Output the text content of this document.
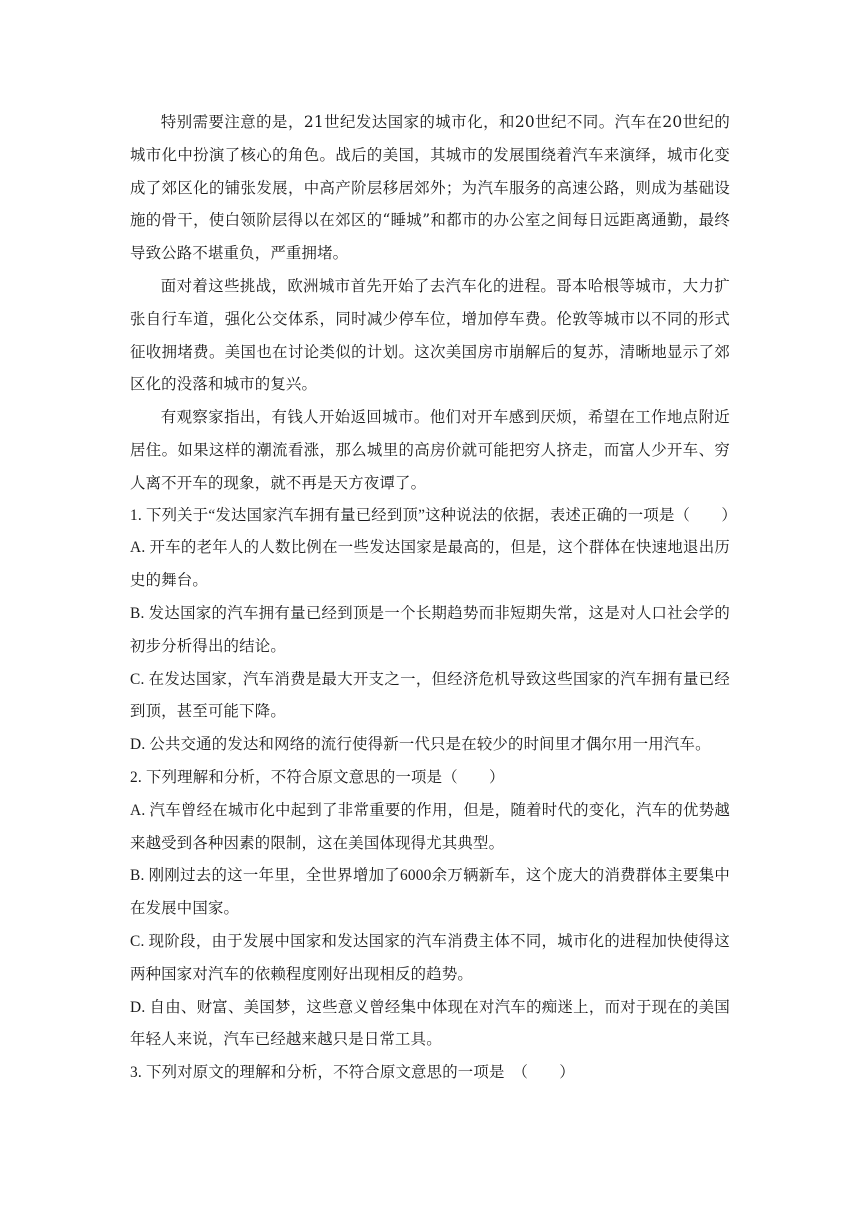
特别需要注意的是，21世纪发达国家的城市化，和20世纪不同。汽车在20世纪的城市化中扮演了核心的角色。战后的美国，其城市的发展围绕着汽车来演绎，城市化变成了郊区化的铺张发展，中高产阶层移居郊外；为汽车服务的高速公路，则成为基础设施的骨干，使白领阶层得以在郊区的“睡城”和都市的办公室之间每日远距离通勤，最终导致公路不堪重负，严重拥堵。

面对着这些挑战，欧洲城市首先开始了去汽车化的进程。哥本哈根等城市，大力扩张自行车道，强化公交体系，同时减少停车位，增加停车费。伦敦等城市以不同的形式征收拥堵费。美国也在讨论类似的计划。这次美国房市崩解后的复苏，清晰地显示了郊区化的没落和城市的复兴。

有观察家指出，有钱人开始返回城市。他们对开车感到厌烦，希望在工作地点附近居住。如果这样的潮流看涨，那么城里的高房价就可能把穷人挤走，而富人少开车、穷人离不开车的现象，就不再是天方夜谭了。

1. 下列关于“发达国家汽车拥有量已经到顶”这种说法的依据，表述正确的一项是（　　）

A. 开车的老年人的人数比例在一些发达国家是最高的，但是，这个群体在快速地退出历史的舞台。

B. 发达国家的汽车拥有量已经到顶是一个长期趋势而非短期失常，这是对人口社会学的初步分析得出的结论。

C. 在发达国家，汽车消费是最大开支之一，但经济危机导致这些国家的汽车拥有量已经到顶，甚至可能下降。

D. 公共交通的发达和网络的流行使得新一代只是在较少的时间里才偶尔用一用汽车。

2. 下列理解和分析，不符合原文意思的一项是（　　）

A. 汽车曾经在城市化中起到了非常重要的作用，但是，随着时代的变化，汽车的优势越来越受到各种因素的限制，这在美国体现得尤其典型。

B. 刚刚过去的这一年里，全世界增加了6000余万辆新车，这个庞大的消费群体主要集中在发展中国家。

C. 现阶段，由于发展中国家和发达国家的汽车消费主体不同，城市化的进程加快使得这两种国家对汽车的依赖程度刚好出现相反的趋势。

D. 自由、财富、美国梦，这些意义曾经集中体现在对汽车的痴迷上，而对于现在的美国年轻人来说，汽车已经越来越只是日常工具。

3. 下列对原文的理解和分析，不符合原文意思的一项是　（　　）
